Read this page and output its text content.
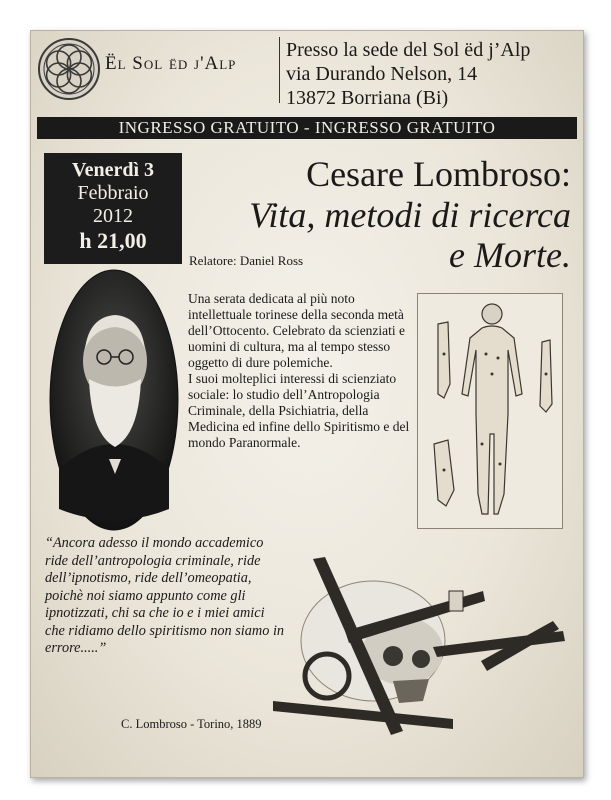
Ël Sol ëd j'Alp
Presso la sede del Sol ëd j’Alp
via Durando Nelson, 14
13872 Borriana (Bi)
INGRESSO GRATUITO - INGRESSO GRATUITO
Venerdì 3
Febbraio
2012
h 21,00
Cesare Lombroso:
Vita, metodi di ricerca
e Morte.
Relatore: Daniel Ross

Una serata dedicata al più noto intellettuale torinese della seconda metà dell’Ottocento. Celebrato da scienziati e uomini di cultura, ma al tempo stesso oggetto di dure polemiche.

I suoi molteplici interessi di scienziato sociale: lo studio dell’Antropologia Criminale, della Psichiatria, della Medicina ed infine dello Spiritismo e del mondo Paranormale.

“Ancora adesso il mondo accademico ride dell’antropologia criminale, ride dell’ipnotismo, ride dell’omeopatia, poichè noi siamo appunto come gli ipnotizzati, chi sa che io e i miei amici che ridiamo dello spiritismo non siamo in errore.....”

C. Lombroso - Torino, 1889
